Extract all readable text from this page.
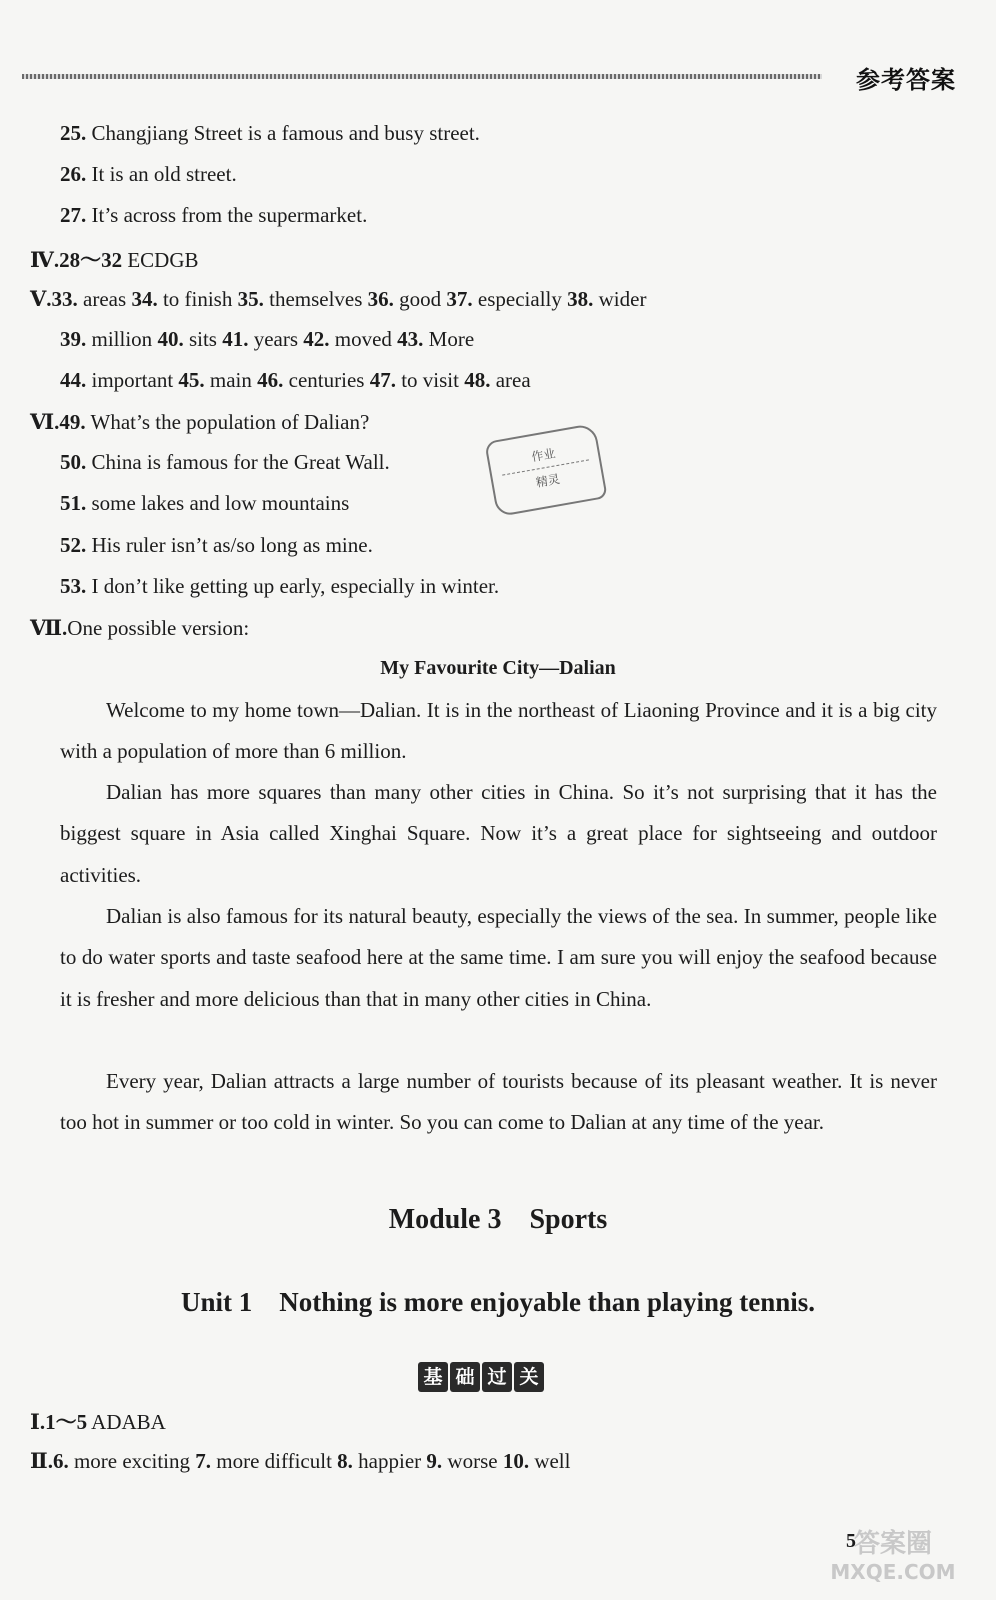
参考答案
25. Changjiang Street is a famous and busy street.
26. It is an old street.
27. It’s across from the supermarket.
Ⅳ.28～32 ECDGB
Ⅴ.33. areas 34. to finish 35. themselves 36. good 37. especially 38. wider
39. million 40. sits 41. years 42. moved 43. More
44. important 45. main 46. centuries 47. to visit 48. area
Ⅵ.49. What’s the population of Dalian?
50. China is famous for the Great Wall.
51. some lakes and low mountains
52. His ruler isn’t as/so long as mine.
53. I don’t like getting up early, especially in winter.
作业
精灵
Ⅶ.One possible version:
My Favourite City—Dalian
Welcome to my home town—Dalian. It is in the northeast of Liaoning Province and it is a big city with a population of more than 6 million.
Dalian has more squares than many other cities in China. So it’s not surprising that it has the biggest square in Asia called Xinghai Square. Now it’s a great place for sightseeing and outdoor activities.
Dalian is also famous for its natural beauty, especially the views of the sea. In summer, people like to do water sports and taste seafood here at the same time. I am sure you will enjoy the seafood because it is fresher and more delicious than that in many other cities in China.
Every year, Dalian attracts a large number of tourists because of its pleasant weather. It is never too hot in summer or too cold in winter. So you can come to Dalian at any time of the year.
Module 3    Sports
Unit 1    Nothing is more enjoyable than playing tennis.
基 础 过 关
Ⅰ.1～5 ADABA
Ⅱ.6. more exciting 7. more difficult 8. happier 9. worse 10. well
5
答案圈
MXQE.COM
